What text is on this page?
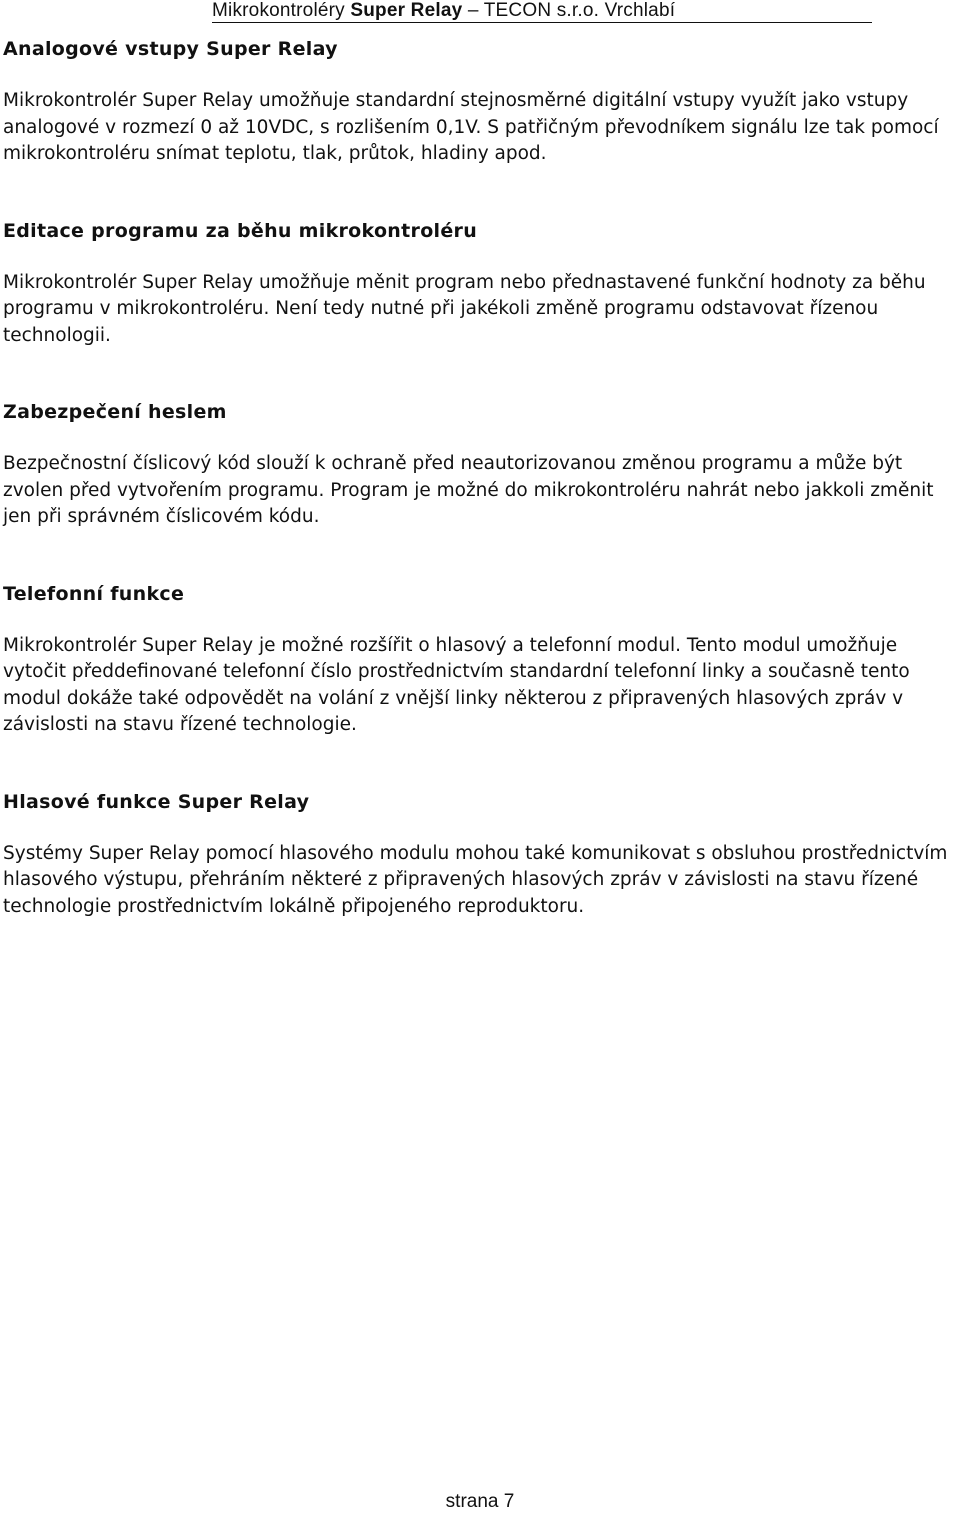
Mikrokontroléry Super Relay – TECON s.r.o. Vrchlabí
Analogové vstupy Super Relay

Mikrokontrolér Super Relay umožňuje standardní stejnosměrné digitální vstupy využít jako vstupy analogové v rozmezí 0 až 10VDC, s rozlišením 0,1V. S patřičným převodníkem signálu lze tak pomocí mikrokontroléru snímat teplotu, tlak, průtok, hladiny apod.

Editace programu za běhu mikrokontroléru

Mikrokontrolér Super Relay umožňuje měnit program nebo přednastavené funkční hodnoty za běhu programu v mikrokontroléru. Není tedy nutné při jakékoli změně programu odstavovat řízenou technologii.

Zabezpečení heslem

Bezpečnostní číslicový kód slouží k ochraně před neautorizovanou změnou programu a může být zvolen před vytvořením programu. Program je možné do mikrokontroléru nahrát nebo jakkoli změnit jen při správném číslicovém kódu.

Telefonní funkce

Mikrokontrolér Super Relay je možné rozšířit o hlasový a telefonní modul. Tento modul umožňuje vytočit předdefinované telefonní číslo prostřednictvím standardní telefonní linky a současně tento modul dokáže také odpovědět na volání z vnější linky některou z připravených hlasových zpráv v závislosti na stavu řízené technologie.

Hlasové funkce Super Relay

Systémy Super Relay pomocí hlasového modulu mohou také komunikovat s obsluhou prostřednictvím hlasového výstupu, přehráním některé z připravených hlasových zpráv v závislosti na stavu řízené technologie prostřednictvím lokálně připojeného reproduktoru.

strana 7
